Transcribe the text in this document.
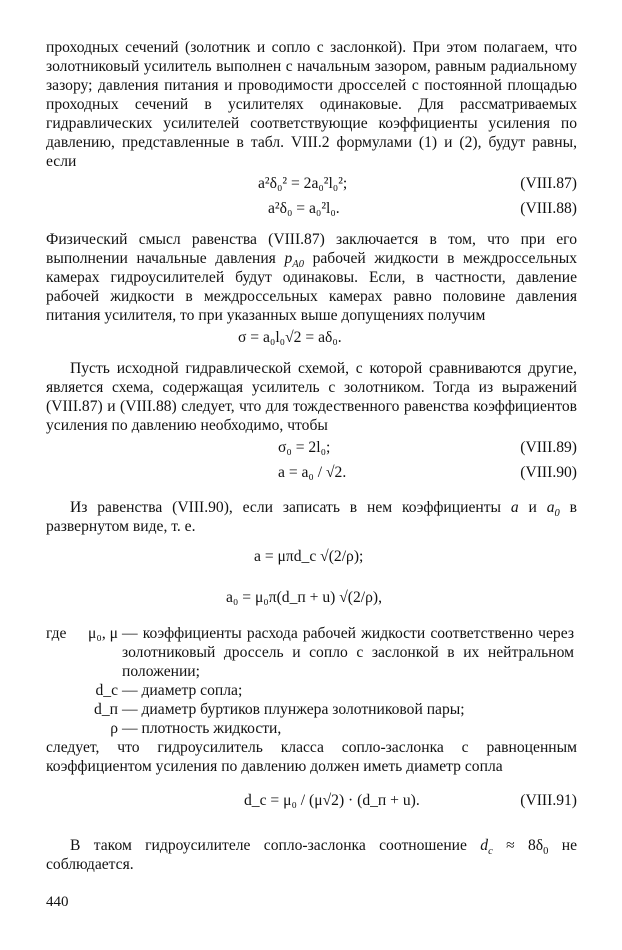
проходных сечений (золотник и сопло с заслонкой). При этом полагаем, что золотниковый усилитель выполнен с начальным зазором, равным радиальному зазору; давления питания и проводимости дросселей с постоянной площадью проходных сечений в усилителях одинаковые. Для рассматриваемых гидравлических усилителей соответствующие коэффициенты усиления по давлению, представленные в табл. VIII.2 формулами (1) и (2), будут равны, если

a²δ₀² = 2a₀²l₀²;	(VIII.87)
a²δ₀ = a₀²l₀.	(VIII.88)

Физический смысл равенства (VIII.87) заключается в том, что при его выполнении начальные давления $p_{A0}$ рабочей жидкости в междроссельных камерах гидроусилителей будут одинаковы. Если, в частности, давление рабочей жидкости в междроссельных камерах равно половине давления питания усилителя, то при указанных выше допущениях получим

σ = a₀l₀√2 = aδ₀.

Пусть исходной гидравлической схемой, с которой сравниваются другие, является схема, содержащая усилитель с золотником. Тогда из выражений (VIII.87) и (VIII.88) следует, что для тождественного равенства коэффициентов усиления по давлению необходимо, чтобы

σ₀ = 2l₀;	(VIII.89)
a = a₀ / √2.	(VIII.90)

Из равенства (VIII.90), если записать в нем коэффициенты a и $a_0$ в развернутом виде, т. е.

a = μπd_c √(2/ρ);
a₀ = μ₀π(d_п + u) √(2/ρ),
где μ₀, μ — коэффициенты расхода рабочей жидкости соответственно через золотниковый дроссель и сопло с заслонкой в их нейтральном положении;
d_c — диаметр сопла;
d_п — диаметр буртиков плунжера золотниковой пары;
ρ — плотность жидкости,

следует, что гидроусилитель класса сопло-заслонка с равноценным коэффициентом усиления по давлению должен иметь диаметр сопла

d_c = μ₀ / (μ√2) · (d_п + u).	(VIII.91)

В таком гидроусилителе сопло-заслонка соотношение $d_c \approx 8\delta_0$ не соблюдается.

440
